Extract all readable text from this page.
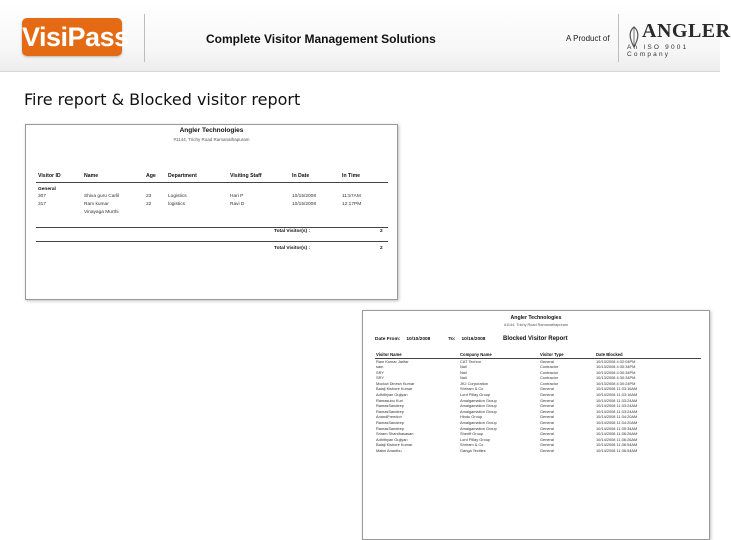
VisiPass	Complete Visitor Management Solutions	A Product of ANGLER
An ISO 9001 Company
Fire report & Blocked visitor report
Angler Technologies
#1144, Trichy Road Ramanathapuram
Visitor ID	Name	Age	Department	Visiting Staff	In Date	In Time
General						
307	Shiva guru Carlil	23	Logistics	Hari P	10/15/2008	11:57AM
317	Ram kumar	22	logistics	Ravi D	10/15/2008	12:17PM
	Vinayaga Murthi					
Total Visitor(s) :	2
Total Visitor(s) :	2
Angler Technologies
#1144, Trichy Road Ramanathapuram
Date From: 10/10/2008	To: 10/16/2008	Blocked Visitor Report
Visitor Name	Company Name	Visitor Type	Date Blocked
Ram Kumar Jarifar	CAT Techno	General	10/13/2008 4:32:04PM
sam	Nail	Contractor	10/13/2008 4:30:34PM
SRY	Nail	Contractor	10/13/2008 4:30:34PM
SRY	Nail	Contractor	10/13/2008 4:30:34PM
Moduvi Dinesh Kumar	JKJ Corporation	Contractor	10/13/2008 4:30:24PM
Balaji Kishore Kumar	Shriram & Co	General	10/14/2008 11:33:16AM
Adhithyan Gujiyan	Lord Pillay Group	General	10/14/2008 11:33:16AM
Ramasubu Kuri	Amalgamation Group	General	10/14/2008 11:33:24AM
RamasSandeep	Amalgamation Group	General	10/14/2008 11:33:24AM
RamasSandeep	Amalgamation Group	General	10/14/2008 11:33:24AM
AnandFreedon	Hindu Group	General	10/14/2008 11:34:20AM
RamasSandeep	Amalgamation Group	General	10/14/2008 11:34:20AM
RamasSandeep	Amalgamation Group	General	10/14/2008 11:35:34AM
Sriram Shanthasasan	Sheriff Group	General	10/14/2008 11:36:26AM
Adhithyan Gujiyan	Lord Pillay Group	General	10/14/2008 11:36:26AM
Balaji Kishore Kumar	Shriram & Co	General	10/14/2008 11:36:54AM
Malini Ananthu	Ganga Textiles	General	10/14/2008 11:36:54AM
